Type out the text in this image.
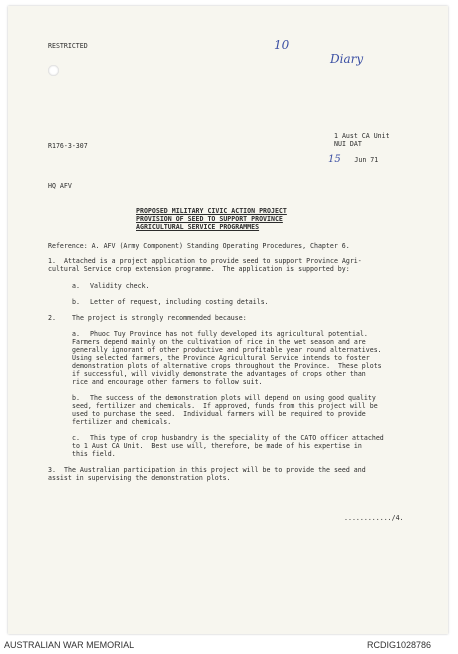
RESTRICTED	10
Diary
R176-3-307
1 Aust CA Unit
NUI DAT
15 Jun 71
HQ AFV
PROPOSED MILITARY CIVIC ACTION PROJECT
PROVISION OF SEED TO SUPPORT PROVINCE
AGRICULTURAL SERVICE PROGRAMMES
Reference: A. AFV (Army Component) Standing Operating Procedures, Chapter 6.
1. Attached is a project application to provide seed to support Province Agri-
cultural Service crop extension programme.  The application is supported by:
a. Validity check.
b. Letter of request, including costing details.
2. The project is strongly recommended because:
a. Phuoc Tuy Province has not fully developed its agricultural potential.
Farmers depend mainly on the cultivation of rice in the wet season and are
generally ignorant of other productive and profitable year round alternatives.
Using selected farmers, the Province Agricultural Service intends to foster
demonstration plots of alternative crops throughout the Province.  These plots
if successful, will vividly demonstrate the advantages of crops other than
rice and encourage other farmers to follow suit.
b. The success of the demonstration plots will depend on using good quality
seed, fertilizer and chemicals.  If approved, funds from this project will be
used to purchase the seed.  Individual farmers will be required to provide
fertilizer and chemicals.
c. This type of crop husbandry is the speciality of the CATO officer attached
to 1 Aust CA Unit.  Best use will, therefore, be made of his expertise in
this field.
3. The Australian participation in this project will be to provide the seed and
assist in supervising the demonstration plots.
............/4.
AUSTRALIAN WAR MEMORIAL	RCDIG1028786
